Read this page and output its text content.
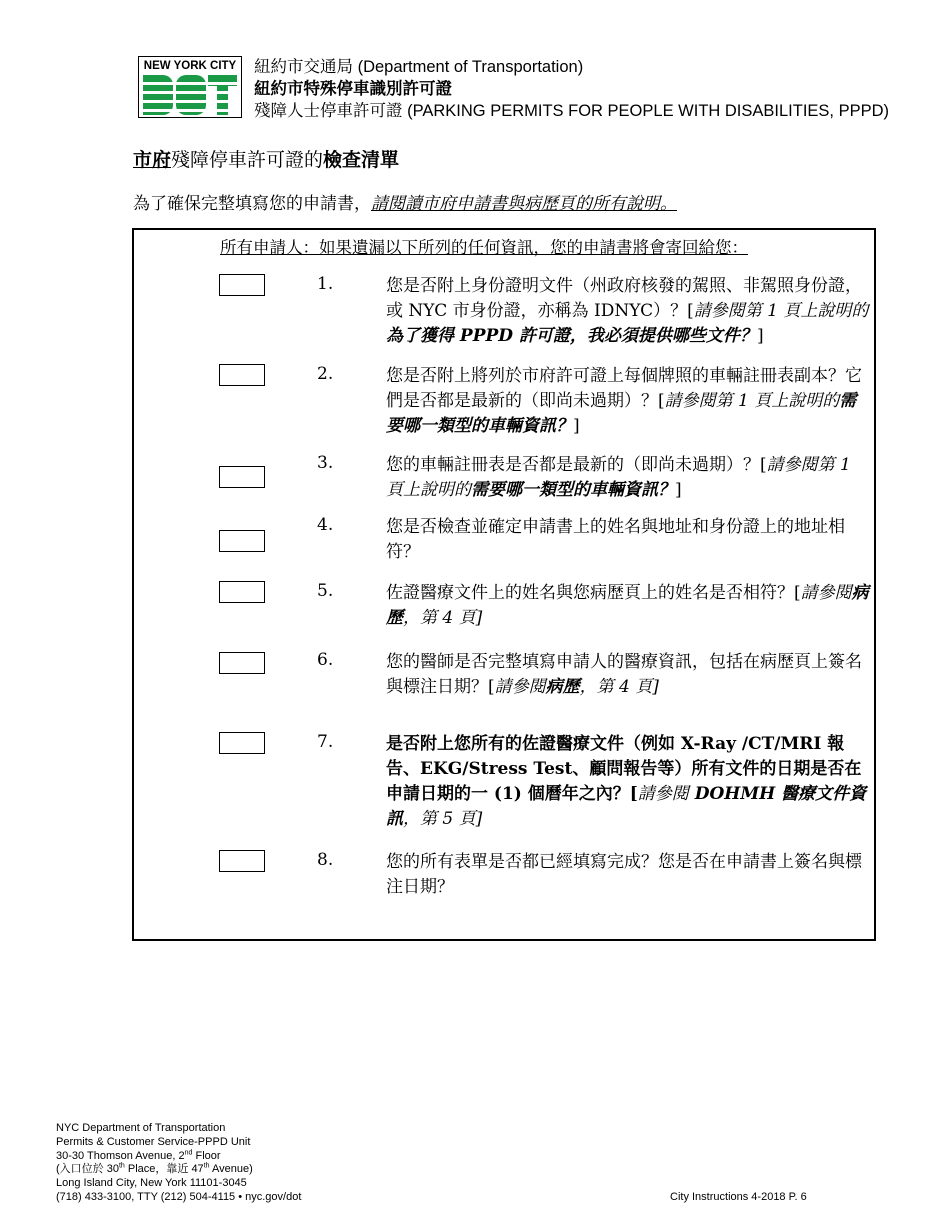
NEW YORK CITY 紐約市交通局 (Department of Transportation)
紐約市特殊停車識別許可證
殘障人士停車許可證 (PARKING PERMITS FOR PEOPLE WITH DISABILITIES, PPPD)
市府殘障停車許可證的檢查清單
為了確保完整填寫您的申請書，請閱讀市府申請書與病歷頁的所有說明。
所有申請人：如果遺漏以下所列的任何資訊，您的申請書將會寄回給您：
1.	您是否附上身份證明文件（州政府核發的駕照、非駕照身份證，或 NYC 市身份證，亦稱為 IDNYC）？[請參閱第 1 頁上說明的為了獲得 PPPD 許可證，我必須提供哪些文件？]
2.	您是否附上將列於市府許可證上每個牌照的車輛註冊表副本？它們是否都是最新的（即尚未過期）？[請參閱第 1 頁上說明的需要哪一類型的車輛資訊？]
3.	您的車輛註冊表是否都是最新的（即尚未過期）？[請參閱第 1 頁上說明的需要哪一類型的車輛資訊？]
4.	您是否檢查並確定申請書上的姓名與地址和身份證上的地址相符？
5.	佐證醫療文件上的姓名與您病歷頁上的姓名是否相符？[請參閱病歷，第 4 頁]
6.	您的醫師是否完整填寫申請人的醫療資訊，包括在病歷頁上簽名與標注日期？[請參閱病歷，第 4 頁]
7.	是否附上您所有的佐證醫療文件（例如 X-Ray /CT/MRI 報告、EKG/Stress Test、顧問報告等）所有文件的日期是否在申請日期的一 (1) 個曆年之內？[請參閱 DOHMH 醫療文件資訊，第 5 頁]
8.	您的所有表單是否都已經填寫完成？您是否在申請書上簽名與標注日期？
NYC Department of Transportation
Permits & Customer Service-PPPD Unit
30-30 Thomson Avenue, 2nd Floor
(入口位於 30th Place，靠近 47th Avenue)
Long Island City, New York 11101-3045
(718) 433-3100, TTY (212) 504-4115 • nyc.gov/dot	City Instructions 4-2018 P. 6
